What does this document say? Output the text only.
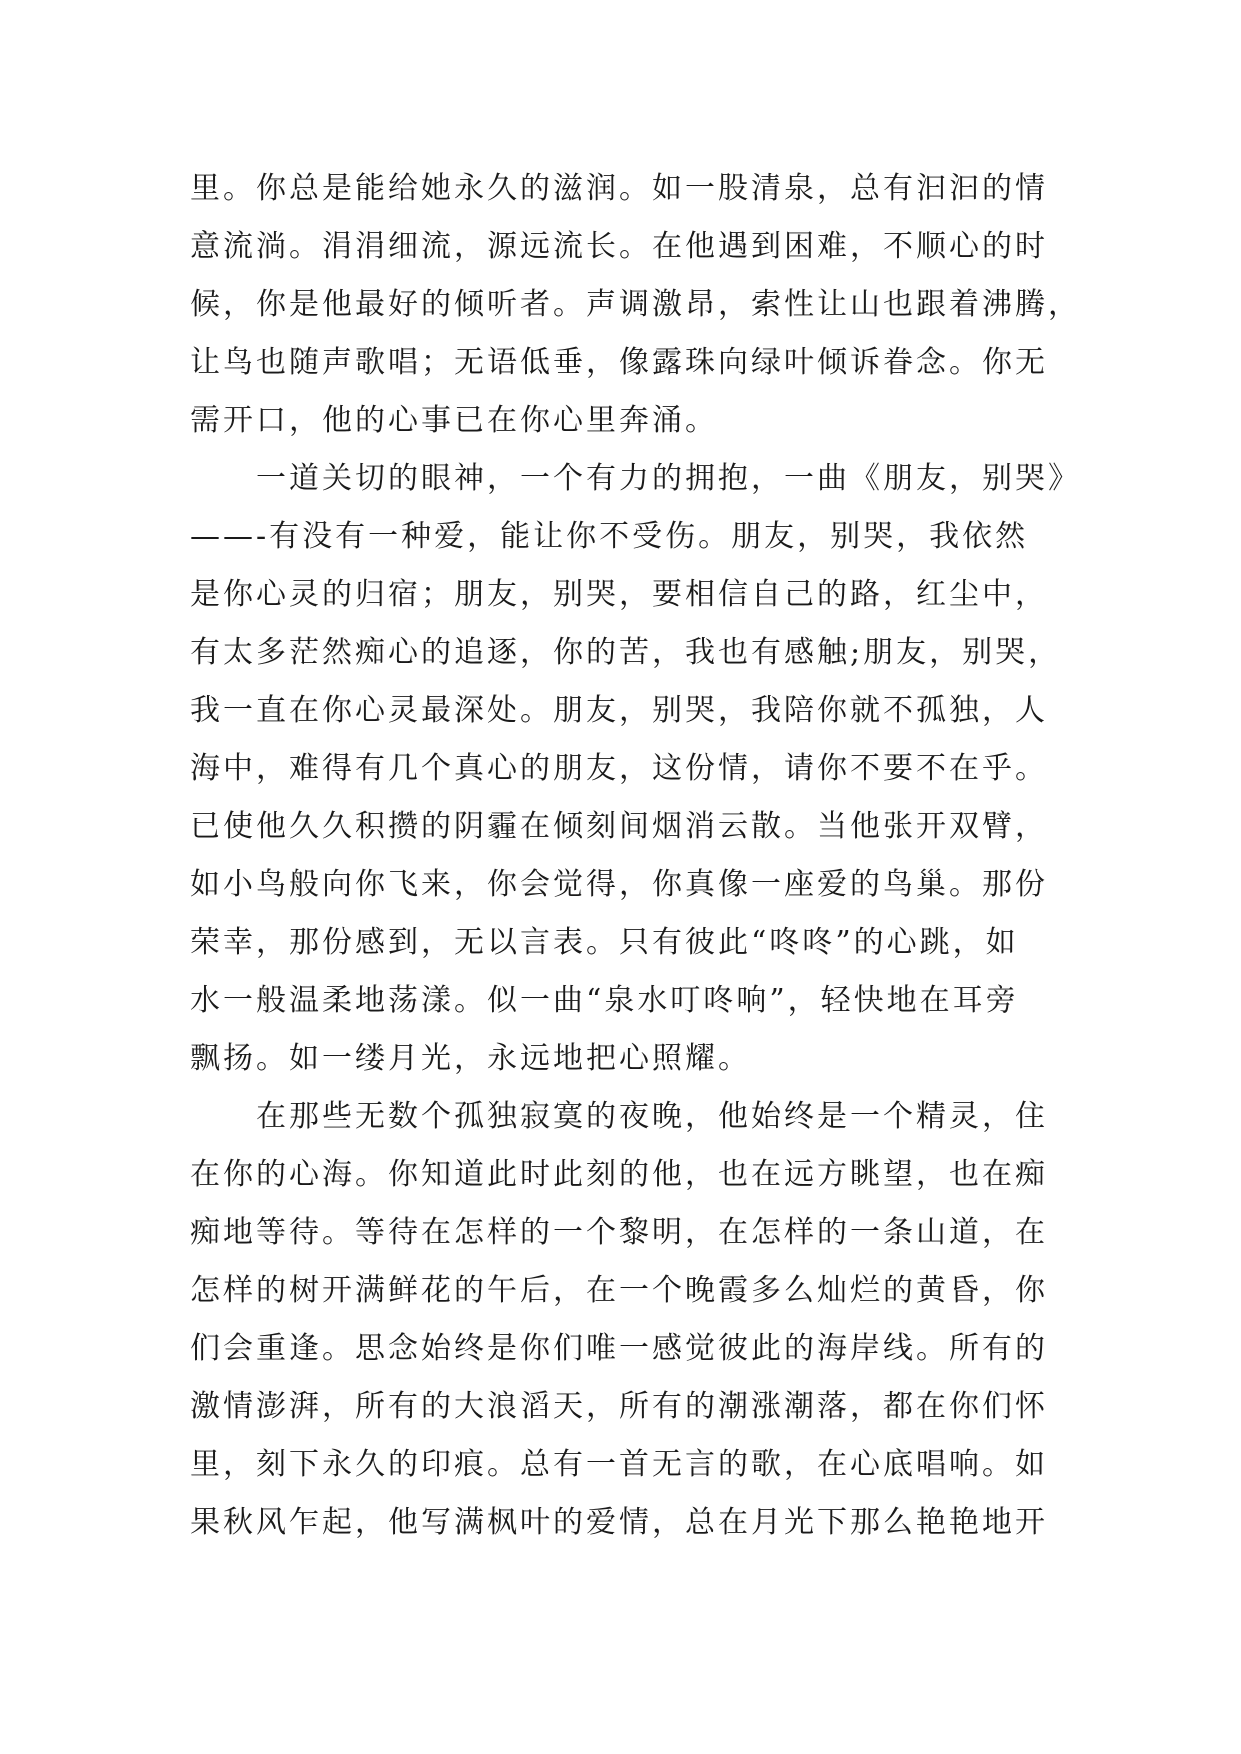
里。你总是能给她永久的滋润。如一股清泉，总有汩汩的情
意流淌。涓涓细流，源远流长。在他遇到困难，不顺心的时
候，你是他最好的倾听者。声调激昂，索性让山也跟着沸腾，
让鸟也随声歌唱；无语低垂，像露珠向绿叶倾诉眷念。你无
需开口，他的心事已在你心里奔涌。
一道关切的眼神，一个有力的拥抱，一曲《朋友，别哭》
——-有没有一种爱，能让你不受伤。朋友，别哭，我依然
是你心灵的归宿；朋友，别哭，要相信自己的路，红尘中，
有太多茫然痴心的追逐，你的苦，我也有感触;朋友，别哭，
我一直在你心灵最深处。朋友，别哭，我陪你就不孤独，人
海中，难得有几个真心的朋友，这份情，请你不要不在乎。
已使他久久积攒的阴霾在倾刻间烟消云散。当他张开双臂，
如小鸟般向你飞来，你会觉得，你真像一座爱的鸟巢。那份
荣幸，那份感到，无以言表。只有彼此“咚咚”的心跳，如
水一般温柔地荡漾。似一曲“泉水叮咚响”，轻快地在耳旁
飘扬。如一缕月光，永远地把心照耀。
在那些无数个孤独寂寞的夜晚，他始终是一个精灵，住
在你的心海。你知道此时此刻的他，也在远方眺望，也在痴
痴地等待。等待在怎样的一个黎明，在怎样的一条山道，在
怎样的树开满鲜花的午后，在一个晚霞多么灿烂的黄昏，你
们会重逢。思念始终是你们唯一感觉彼此的海岸线。所有的
激情澎湃，所有的大浪滔天，所有的潮涨潮落，都在你们怀
里，刻下永久的印痕。总有一首无言的歌，在心底唱响。如
果秋风乍起，他写满枫叶的爱情，总在月光下那么艳艳地开
